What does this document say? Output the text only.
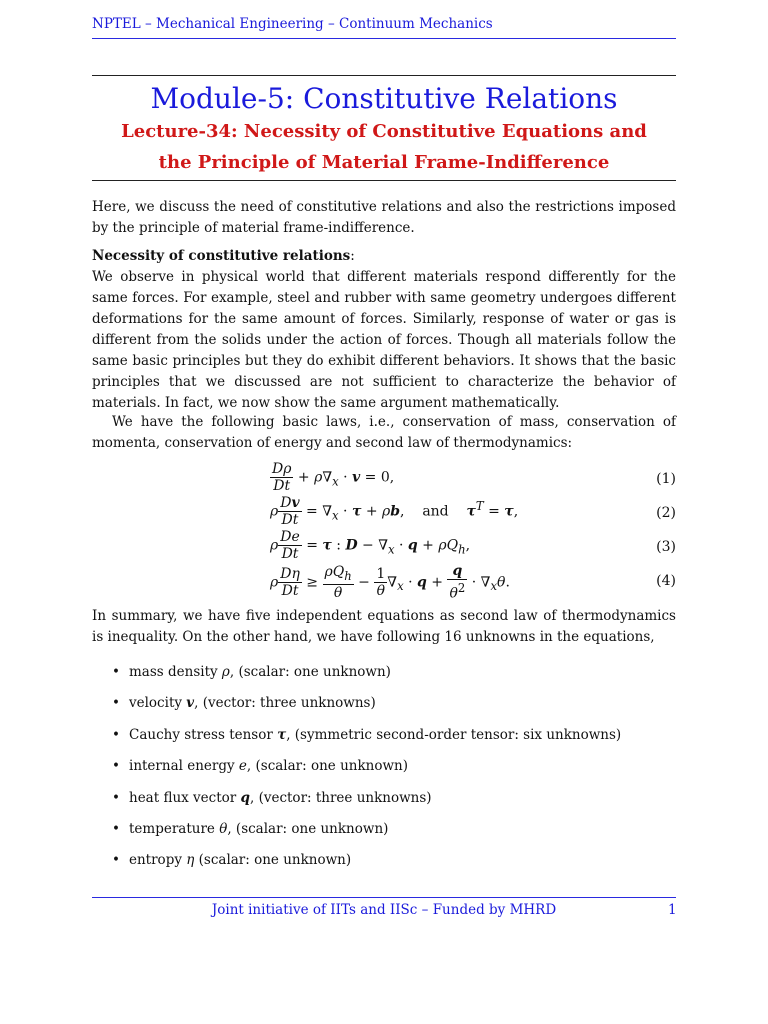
NPTEL – Mechanical Engineering – Continuum Mechanics
Module-5: Constitutive Relations
Lecture-34: Necessity of Constitutive Equations and
the Principle of Material Frame-Indifference
Here, we discuss the need of constitutive relations and also the restrictions imposed by the principle of material frame-indifference.
Necessity of constitutive relations:
We observe in physical world that different materials respond differently for the same forces. For example, steel and rubber with same geometry undergoes different deformations for the same amount of forces. Similarly, response of water or gas is different from the solids under the action of forces. Though all materials follow the same basic principles but they do exhibit different behaviors. It shows that the basic principles that we discussed are not sufficient to characterize the behavior of materials. In fact, we now show the same argument mathematically.
We have the following basic laws, i.e., conservation of mass, conservation of momenta, conservation of energy and second law of thermodynamics:
$\frac{D\rho}{Dt} + \rho\nabla_x \cdot v = 0$,	(1)
ρ $\frac{Dv}{Dt} = \nabla_x \cdot \tau + \rho b$,    and $\tau^T = \tau$,	(2)
ρ $\frac{De}{Dt} = \tau$ : $D - \nabla_x \cdot q + \rho Q_h$,	(3)
ρ $\frac{D\eta}{Dt} \ge \frac{\rho Q_h}{\theta} - \frac{1}{\theta} \nabla_x \cdot q + \frac{q}{\theta^2} \cdot \nabla_x\theta$.	(4)
In summary, we have five independent equations as second law of thermodynamics is inequality. On the other hand, we have following 16 unknowns in the equations,
• mass density ρ, (scalar: one unknown)
• velocity v, (vector: three unknowns)
• Cauchy stress tensor τ, (symmetric second-order tensor: six unknowns)
• internal energy e, (scalar: one unknown)
• heat flux vector q, (vector: three unknowns)
• temperature θ, (scalar: one unknown)
• entropy η (scalar: one unknown)
Joint initiative of IITs and IISc – Funded by MHRD	1
